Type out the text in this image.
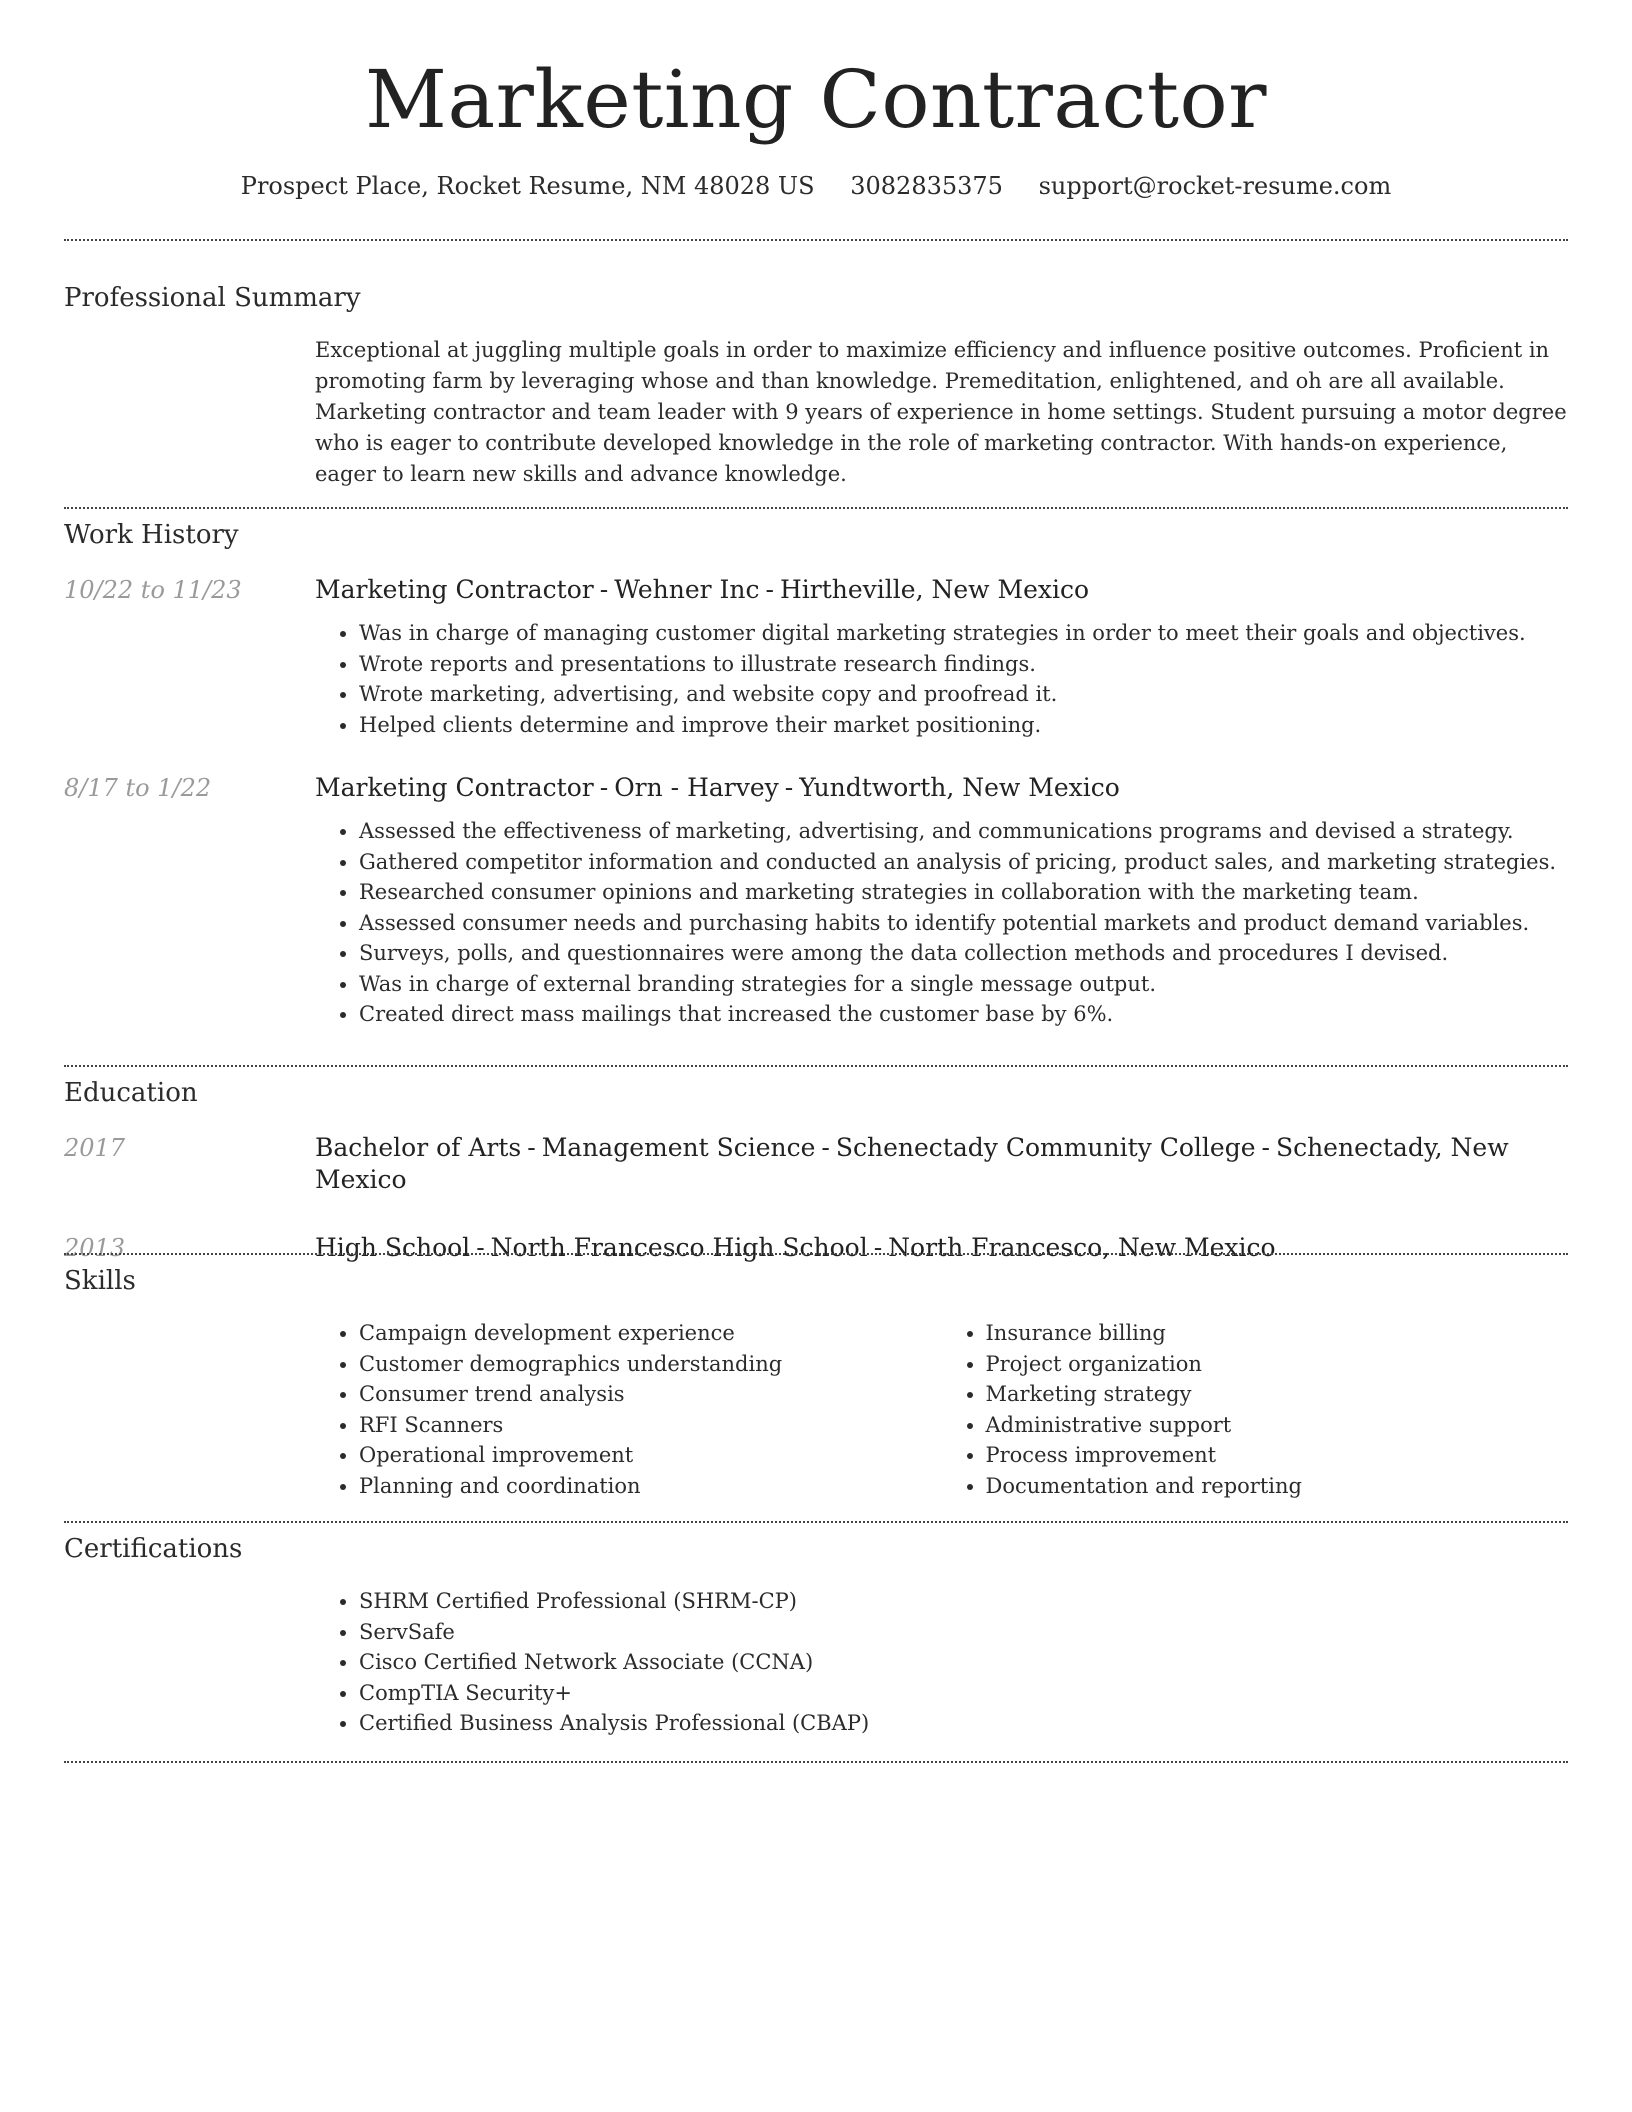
Marketing Contractor
Prospect Place, Rocket Resume, NM 48028 US 3082835375 support@rocket-resume.com
Professional Summary

Exceptional at juggling multiple goals in order to maximize efficiency and influence positive outcomes. Proficient in promoting farm by leveraging whose and than knowledge. Premeditation, enlightened, and oh are all available. Marketing contractor and team leader with 9 years of experience in home settings. Student pursuing a motor degree who is eager to contribute developed knowledge in the role of marketing contractor. With hands-on experience, eager to learn new skills and advance knowledge.

Work History
10/22 to 11/23	Marketing Contractor - Wehner Inc - Hirtheville, New Mexico
• Was in charge of managing customer digital marketing strategies in order to meet their goals and objectives.
• Wrote reports and presentations to illustrate research findings.
• Wrote marketing, advertising, and website copy and proofread it.
• Helped clients determine and improve their market positioning.
8/17 to 1/22	Marketing Contractor - Orn - Harvey - Yundtworth, New Mexico
• Assessed the effectiveness of marketing, advertising, and communications programs and devised a strategy.
• Gathered competitor information and conducted an analysis of pricing, product sales, and marketing strategies.
• Researched consumer opinions and marketing strategies in collaboration with the marketing team.
• Assessed consumer needs and purchasing habits to identify potential markets and product demand variables.
• Surveys, polls, and questionnaires were among the data collection methods and procedures I devised.
• Was in charge of external branding strategies for a single message output.
• Created direct mass mailings that increased the customer base by 6%.
Education
2017	Bachelor of Arts - Management Science - Schenectady Community College - Schenectady, New Mexico
2013	High School - North Francesco High School - North Francesco, New Mexico
Skills
• Campaign development experience
• Customer demographics understanding
• Consumer trend analysis
• RFI Scanners
• Operational improvement
• Planning and coordination
• Insurance billing
• Project organization
• Marketing strategy
• Administrative support
• Process improvement
• Documentation and reporting
Certifications
• SHRM Certified Professional (SHRM-CP)
• ServSafe
• Cisco Certified Network Associate (CCNA)
• CompTIA Security+
• Certified Business Analysis Professional (CBAP)
